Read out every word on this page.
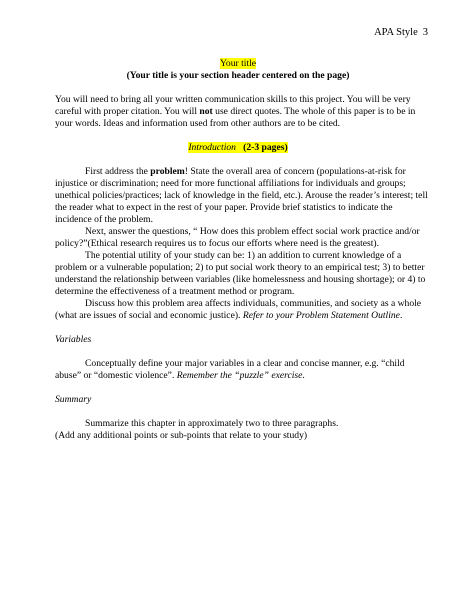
APA Style 3
Your title
(Your title is your section header centered on the page)
You will need to bring all your written communication skills to this project. You will be very
careful with proper citation. You will not use direct quotes. The whole of this paper is to be in
your words. Ideas and information used from other authors are to be cited.
Introduction (2-3 pages)
First address the problem! State the overall area of concern (populations-at-risk for
injustice or discrimination; need for more functional affiliations for individuals and groups;
unethical policies/practices; lack of knowledge in the field, etc.). Arouse the reader’s interest; tell
the reader what to expect in the rest of your paper. Provide brief statistics to indicate the
incidence of the problem.
Next, answer the questions, “ How does this problem effect social work practice and/or
policy?”(Ethical research requires us to focus our efforts where need is the greatest).
The potential utility of your study can be: 1) an addition to current knowledge of a
problem or a vulnerable population; 2) to put social work theory to an empirical test; 3) to better
understand the relationship between variables (like homelessness and housing shortage); or 4) to
determine the effectiveness of a treatment method or program.
Discuss how this problem area affects individuals, communities, and society as a whole
(what are issues of social and economic justice). Refer to your Problem Statement Outline.
Variables
Conceptually define your major variables in a clear and concise manner, e.g. “child
abuse” or “domestic violence”. Remember the “puzzle” exercise.
Summary
Summarize this chapter in approximately two to three paragraphs.
(Add any additional points or sub-points that relate to your study)
